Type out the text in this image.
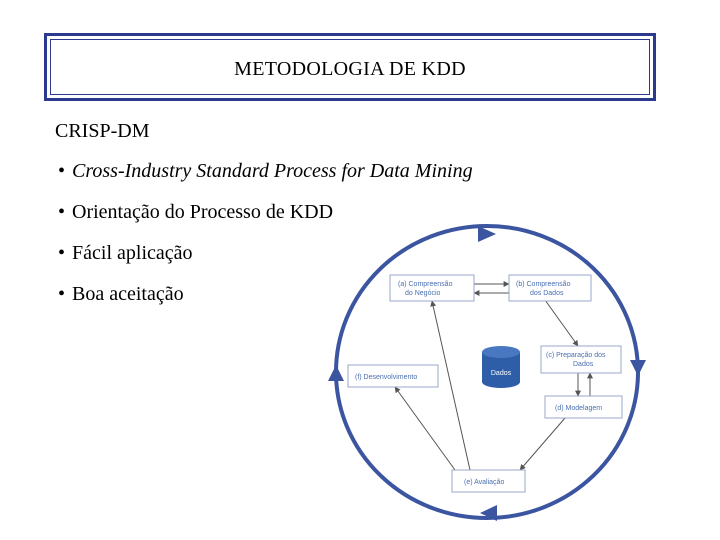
METODOLOGIA DE KDD
CRISP-DM
• Cross-Industry Standard Process for Data Mining
• Orientação do Processo de KDD
• Fácil aplicação
• Boa aceitação
Dados
(a) Compreensão
do Negócio
(b) Compreensão
dos Dados
(c) Preparação dos
Dados
(d) Modelagem
(e) Avaliação
(f) Desenvolvimento
